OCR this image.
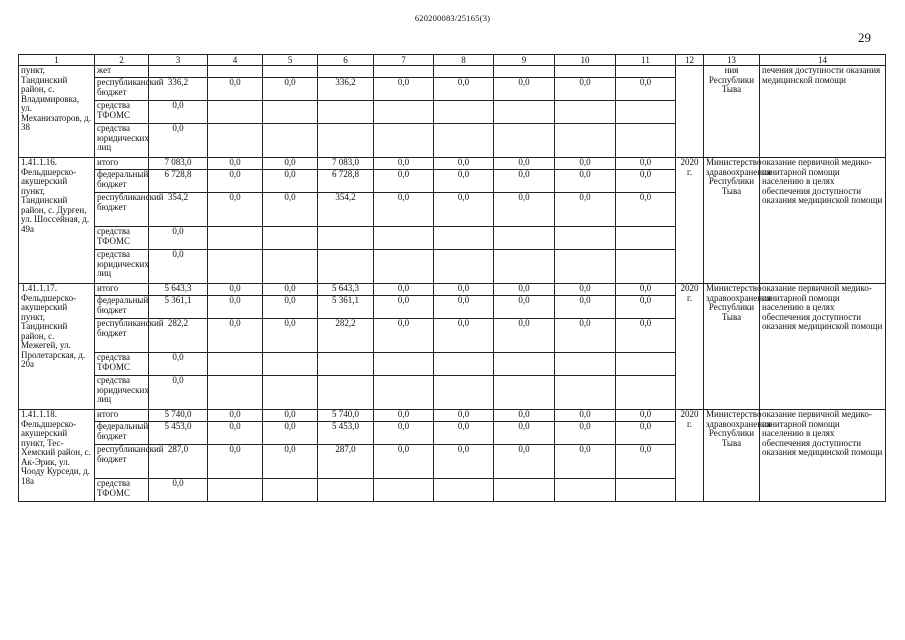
620200083/25165(3)
29
1	2	3	4	5	6	7	8	9	10	11	12	13	14

пункт, Тандинский район, с. Владимировка, ул. Механизаторов, д. 38	жет											ния Республики Тыва	печения доступности оказания медицинской помощи
	республиканский бюджет	336,2	0,0	0,0	336,2	0,0	0,0	0,0	0,0	0,0			
	средства ТФОМС	0,0											
	средства юридических лиц	0,0											

1.41.1.16.
Фельдшерско-акушерский пункт, Тандинский район, с. Дурген, ул. Шоссейная, д. 49а	итого	7 083,0	0,0	0,0	7 083,0	0,0	0,0	0,0	0,0	0,0	2020 г.	Министерство здравоохранения Республики Тыва	оказание первичной медико-санитарной помощи населению в целях обеспечения доступности оказания медицинской помощи
	федеральный бюджет	6 728,8	0,0	0,0	6 728,8	0,0	0,0	0,0	0,0	0,0			
	республиканский бюджет	354,2	0,0	0,0	354,2	0,0	0,0	0,0	0,0	0,0			
	средства ТФОМС	0,0											
	средства юридических лиц	0,0											

1.41.1.17.
Фельдшерско-акушерский пункт, Тандинский район, с. Межегей, ул. Пролетарская, д. 20а	итого	5 643,3	0,0	0,0	5 643,3	0,0	0,0	0,0	0,0	0,0	2020 г.	Министерство здравоохранения Республики Тыва	оказание первичной медико-санитарной помощи населению в целях обеспечения доступности оказания медицинской помощи
	федеральный бюджет	5 361,1	0,0	0,0	5 361,1	0,0	0,0	0,0	0,0	0,0			
	республиканский бюджет	282,2	0,0	0,0	282,2	0,0	0,0	0,0	0,0	0,0			
	средства ТФОМС	0,0											
	средства юридических лиц	0,0											

1.41.1.18.
Фельдшерско-акушерский пункт, Тес-Хемский район, с. Ак-Эрик, ул. Чооду Курседи, д. 18а	итого	5 740,0	0,0	0,0	5 740,0	0,0	0,0	0,0	0,0	0,0	2020 г.	Министерство здравоохранения Республики Тыва	оказание первичной медико-санитарной помощи населению в целях обеспечения доступности оказания медицинской помощи
	федеральный бюджет	5 453,0	0,0	0,0	5 453,0	0,0	0,0	0,0	0,0	0,0			
	республиканский бюджет	287,0	0,0	0,0	287,0	0,0	0,0	0,0	0,0	0,0			
	средства ТФОМС	0,0											
